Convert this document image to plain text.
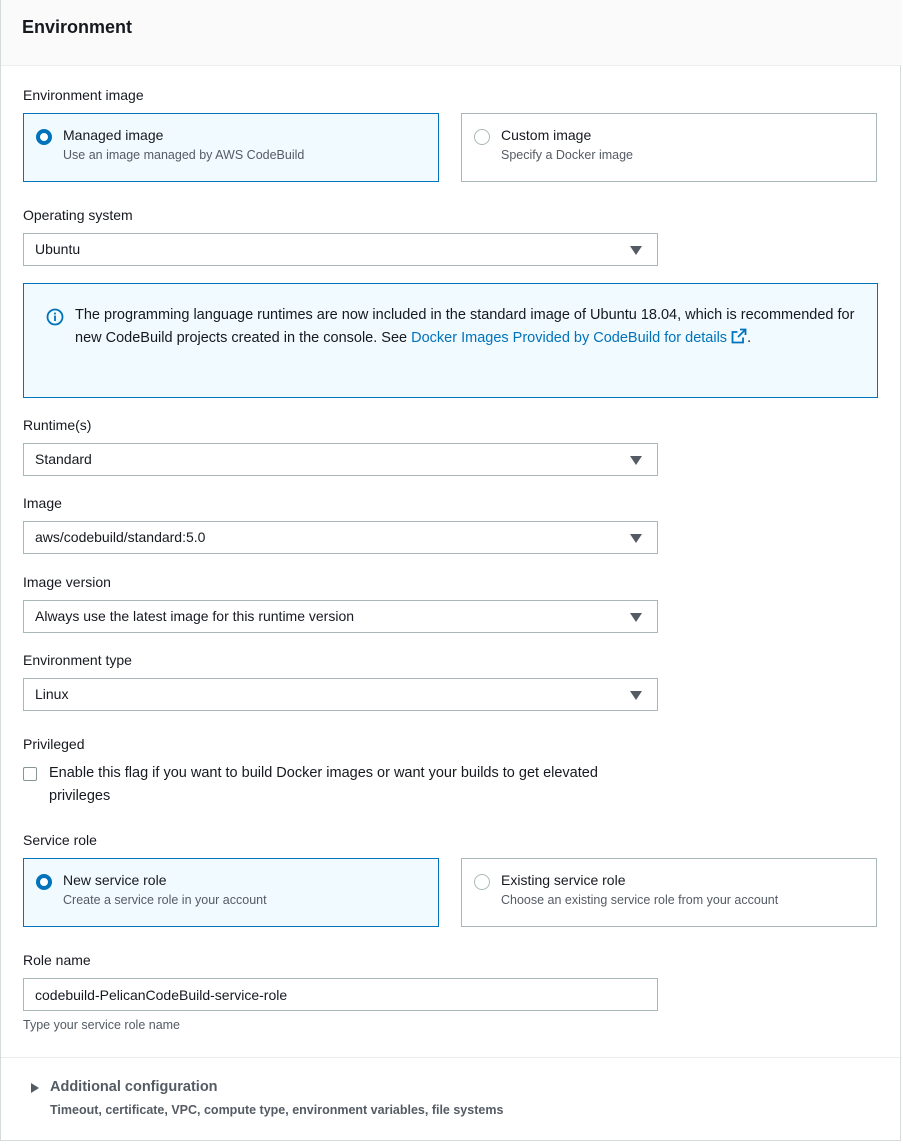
Environment
Environment image
Managed image
Use an image managed by AWS CodeBuild
Custom image
Specify a Docker image
Operating system
Ubuntu
The programming language runtimes are now included in the standard image of Ubuntu 18.04, which is recommended for new CodeBuild projects created in the console. See Docker Images Provided by CodeBuild for details .
Runtime(s)
Standard
Image
aws/codebuild/standard:5.0
Image version
Always use the latest image for this runtime version
Environment type
Linux
Privileged
Enable this flag if you want to build Docker images or want your builds to get elevated privileges
Service role
New service role
Create a service role in your account
Existing service role
Choose an existing service role from your account
Role name
codebuild-PelicanCodeBuild-service-role
Type your service role name
Additional configuration
Timeout, certificate, VPC, compute type, environment variables, file systems
